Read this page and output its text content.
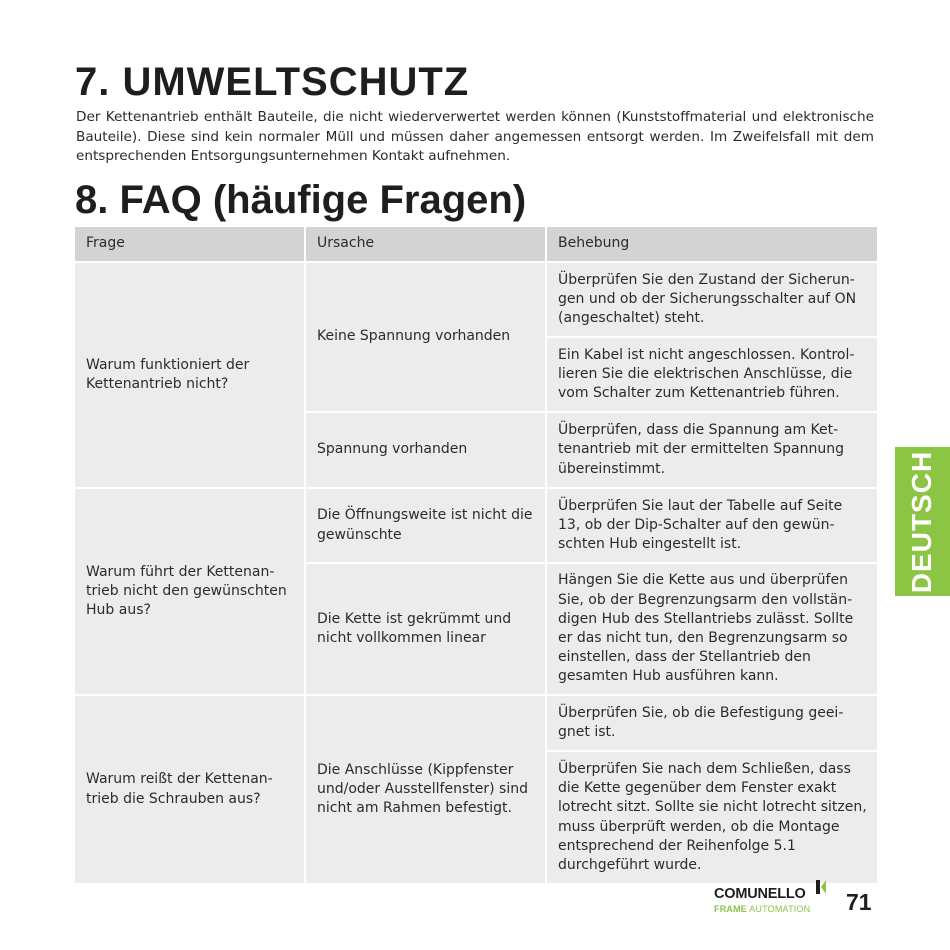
7. UMWELTSCHUTZ
Der Kettenantrieb enthält Bauteile, die nicht wiederverwertet werden können (Kunststoffmaterial und elektronische Bauteile). Diese sind kein normaler Müll und müssen daher angemessen entsorgt werden. Im Zweifelsfall mit dem entsprechenden Entsorgungsunternehmen Kontakt aufnehmen.
8. FAQ (häufige Fragen)
Frage	Ursache	Behebung
Warum funktioniert der Kettenantrieb nicht?
Keine Spannung vorhanden
Überprüfen Sie den Zustand der Sicherun-gen und ob der Sicherungsschalter auf ON (angeschaltet) steht.
Ein Kabel ist nicht angeschlossen. Kontrol-lieren Sie die elektrischen Anschlüsse, die vom Schalter zum Kettenantrieb führen.
Spannung vorhanden
Überprüfen, dass die Spannung am Ket-tenantrieb mit der ermittelten Spannung übereinstimmt.
Warum führt der Kettenan-trieb nicht den gewünschten Hub aus?
Die Öffnungsweite ist nicht die gewünschte
Überprüfen Sie laut der Tabelle auf Seite 13, ob der Dip-Schalter auf den gewün-schten Hub eingestellt ist.
Die Kette ist gekrümmt und nicht vollkommen linear
Hängen Sie die Kette aus und überprüfen Sie, ob der Begrenzungsarm den vollstän-digen Hub des Stellantriebs zulässt. Sollte er das nicht tun, den Begrenzungsarm so einstellen, dass der Stellantrieb den gesamten Hub ausführen kann.
Warum reißt der Kettenan-trieb die Schrauben aus?
Die Anschlüsse (Kippfenster und/oder Ausstellfenster) sind nicht am Rahmen befestigt.
Überprüfen Sie, ob die Befestigung geei-gnet ist.
Überprüfen Sie nach dem Schließen, dass die Kette gegenüber dem Fenster exakt lotrecht sitzt. Sollte sie nicht lotrecht sitzen, muss überprüft werden, ob die Montage entsprechend der Reihenfolge 5.1 durchgeführt wurde.
DEUTSCH
COMUNELLO
FRAME AUTOMATION 71
